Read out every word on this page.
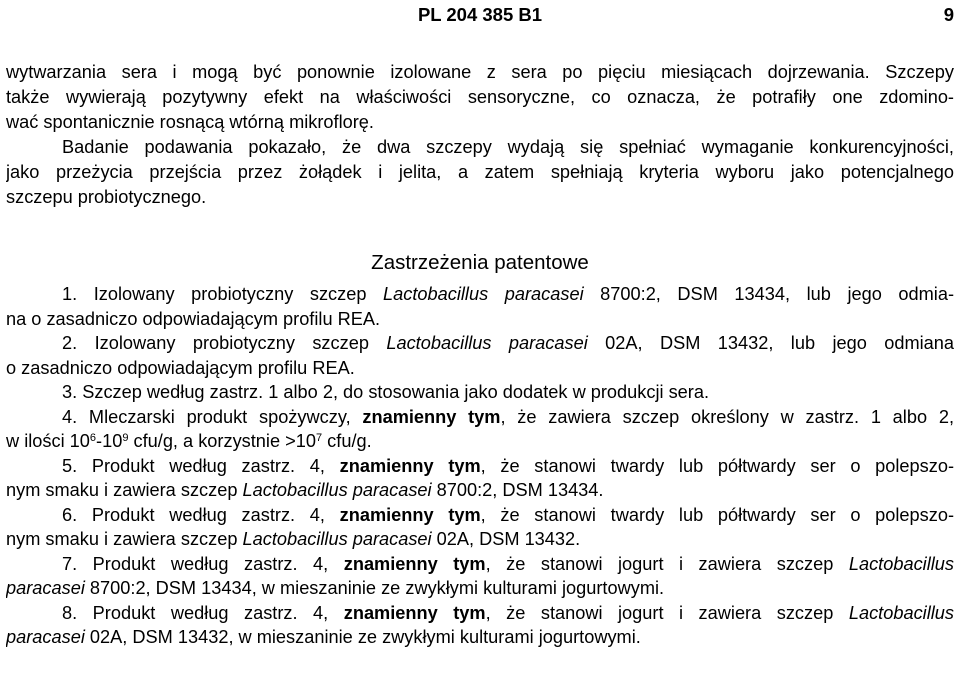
PL 204 385 B1	9
wytwarzania sera i mogą być ponownie izolowane z sera po pięciu miesiącach dojrzewania. Szczepy
także wywierają pozytywny efekt na właściwości sensoryczne, co oznacza, że potrafiły one zdomino-
wać spontanicznie rosnącą wtórną mikroflorę.
Badanie podawania pokazało, że dwa szczepy wydają się spełniać wymaganie konkurencyjności,
jako przeżycia przejścia przez żołądek i jelita, a zatem spełniają kryteria wyboru jako potencjalnego
szczepu probiotycznego.
Zastrzeżenia patentowe
1. Izolowany probiotyczny szczep Lactobacillus paracasei 8700:2, DSM 13434, lub jego odmia-
na o zasadniczo odpowiadającym profilu REA.
2. Izolowany probiotyczny szczep Lactobacillus paracasei 02A, DSM 13432, lub jego odmiana
o zasadniczo odpowiadającym profilu REA.
3. Szczep według zastrz. 1 albo 2, do stosowania jako dodatek w produkcji sera.
4. Mleczarski produkt spożywczy, znamienny tym, że zawiera szczep określony w zastrz. 1 albo 2,
w ilości $10^6-10^9$ cfu/g, a korzystnie $>10^7$ cfu/g.
5. Produkt według zastrz. 4, znamienny tym, że stanowi twardy lub półtwardy ser o polepszo-
nym smaku i zawiera szczep Lactobacillus paracasei 8700:2, DSM 13434.
6. Produkt według zastrz. 4, znamienny tym, że stanowi twardy lub półtwardy ser o polepszo-
nym smaku i zawiera szczep Lactobacillus paracasei 02A, DSM 13432.
7. Produkt według zastrz. 4, znamienny tym, że stanowi jogurt i zawiera szczep Lactobacillus
paracasei 8700:2, DSM 13434, w mieszaninie ze zwykłymi kulturami jogurtowymi.
8. Produkt według zastrz. 4, znamienny tym, że stanowi jogurt i zawiera szczep Lactobacillus
paracasei 02A, DSM 13432, w mieszaninie ze zwykłymi kulturami jogurtowymi.
